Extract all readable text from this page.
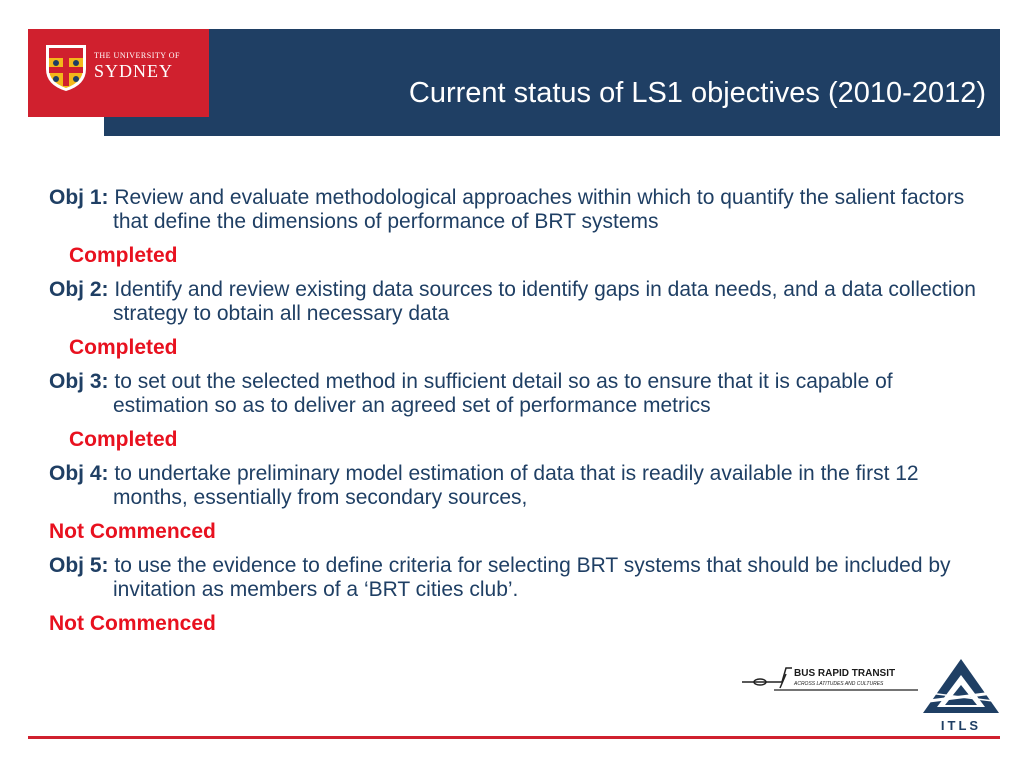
THE UNIVERSITY OF
SYDNEY
Current status of LS1 objectives (2010-2012)
Obj 1: Review and evaluate methodological approaches within which to quantify the salient factors that define the dimensions of performance of BRT systems
Completed
Obj 2: Identify and review existing data sources to identify gaps in data needs, and a data collection strategy to obtain all necessary data
Completed
Obj 3: to set out the selected method in sufficient detail so as to ensure that it is capable of estimation so as to deliver an agreed set of performance metrics
Completed
Obj 4: to undertake preliminary model estimation of data that is readily available in the first 12 months, essentially from secondary sources,
Not Commenced
Obj 5: to use the evidence to define criteria for selecting BRT systems that should be included by invitation as members of a ‘BRT cities club’.
Not Commenced
BUS RAPID TRANSIT
ACROSS LATITUDES AND CULTURES
ITLS
